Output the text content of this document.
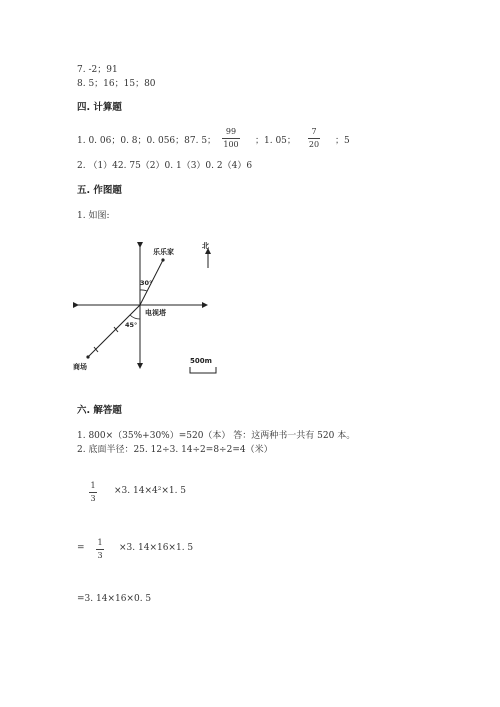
7. -2；91
8. 5；16；15；80
四. 计算题
1. 0. 06；0. 8；0. 056；87. 5；
99
100 ；1. 05；
7
20 ；5
2. （1）42. 75（2）0. 1（3）0. 2（4）6
五. 作图题
1. 如图:
乐乐家
北
30°
45°
电视塔
商场
500m
六. 解答题
1. 800×（35%+30%）=520（本） 答：这两种书一共有 520 本。
2. 底面半径：25. 12÷3. 14÷2=8÷2=4（米）
1
3
×3. 14×4²×1. 5
=
1
3
×3. 14×16×1. 5
=3. 14×16×0. 5
